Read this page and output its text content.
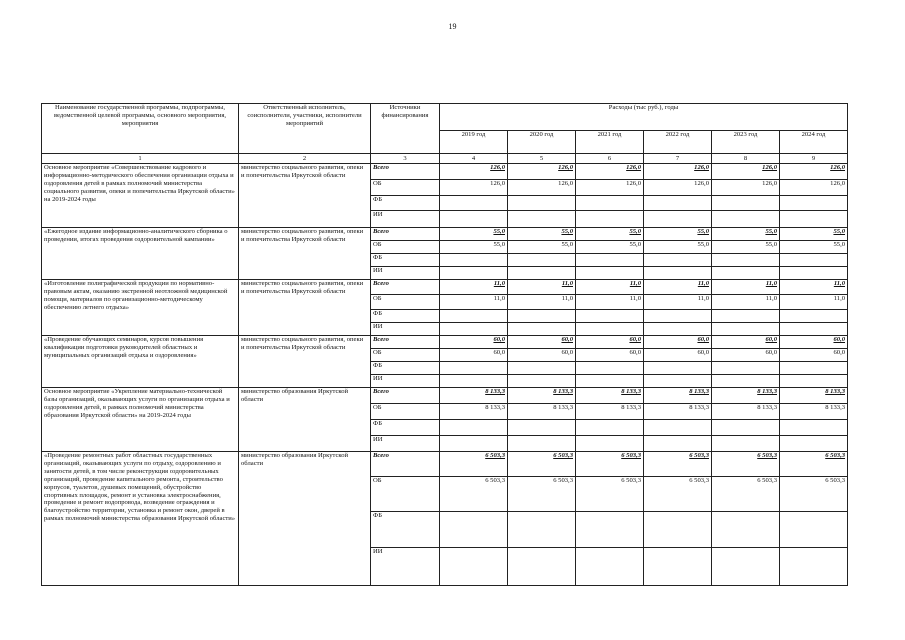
19
Наименование государственной программы, подпрограммы, ведомственной целевой программы, основного мероприятия, мероприятия	Ответственный исполнитель, соисполнители, участники, исполнители мероприятий	Источники финансирования	Расходы (тыс руб.), годы					
			2019 год	2020 год	2021 год	2022 год	2023 год	2024 год
1	2	3	4	5	6	7	8	9
Основное мероприятие «Совершенствование кадрового и информационно-методического обеспечения организации отдыха и оздоровления детей в рамках полномочий министерства социального развития, опеки и попечительства Иркутской области» на 2019-2024 годы	министерство социального развития, опеки и попечительства Иркутской области	Всего	126,0	126,0	126,0	126,0	126,0	126,0
		ОБ	126,0	126,0	126,0	126,0	126,0	126,0
		ФБ						
		ИИ						
«Ежегодное издание информационно-аналитического сборника о проведении, итогах проведения оздоровительной кампании»	министерство социального развития, опеки и попечительства Иркутской области	Всего	55,0	55,0	55,0	55,0	55,0	55,0
		ОБ	55,0	55,0	55,0	55,0	55,0	55,0
		ФБ						
		ИИ						
«Изготовление полиграфической продукции по нормативно-правовым актам, оказанию экстренной неотложной медицинской помощи, материалов по организационно-методическому обеспечению летнего отдыха»	министерство социального развития, опеки и попечительства Иркутской области	Всего	11,0	11,0	11,0	11,0	11,0	11,0
		ОБ	11,0	11,0	11,0	11,0	11,0	11,0
		ФБ						
		ИИ						
«Проведение обучающих семинаров, курсов повышения квалификации подготовки руководителей областных и муниципальных организаций отдыха и оздоровления»	министерство социального развития, опеки и попечительства Иркутской области	Всего	60,0	60,0	60,0	60,0	60,0	60,0
		ОБ	60,0	60,0	60,0	60,0	60,0	60,0
		ФБ						
		ИИ						
Основное мероприятие «Укрепление материально-технической базы организаций, оказывающих услуги по организации отдыха и оздоровления детей, в рамках полномочий министерства образования Иркутской области» на 2019-2024 годы	министерство образования Иркутской области	Всего	8 133,3	8 133,3	8 133,3	8 133,3	8 133,3	8 133,3
		ОБ	8 133,3	8 133,3	8 133,3	8 133,3	8 133,3	8 133,3
		ФБ						
		ИИ						
«Проведение ремонтных работ областных государственных организаций, оказывающих услуги по отдыху, оздоровлению и занятости детей, в том числе реконструкция оздоровительных организаций, проведение капитального ремонта, строительство корпусов, туалетов, душевых помещений, обустройство спортивных площадок, ремонт и установка электроснабжения, проведение и ремонт водопровода, возведение ограждения и благоустройство территории, установка и ремонт окон, дверей в рамках полномочий министерства образования Иркутской области»	министерство образования Иркутской области	Всего	6 503,3	6 503,3	6 503,3	6 503,3	6 503,3	6 503,3
		ОБ	6 503,3	6 503,3	6 503,3	6 503,3	6 503,3	6 503,3
		ФБ						
		ИИ						
